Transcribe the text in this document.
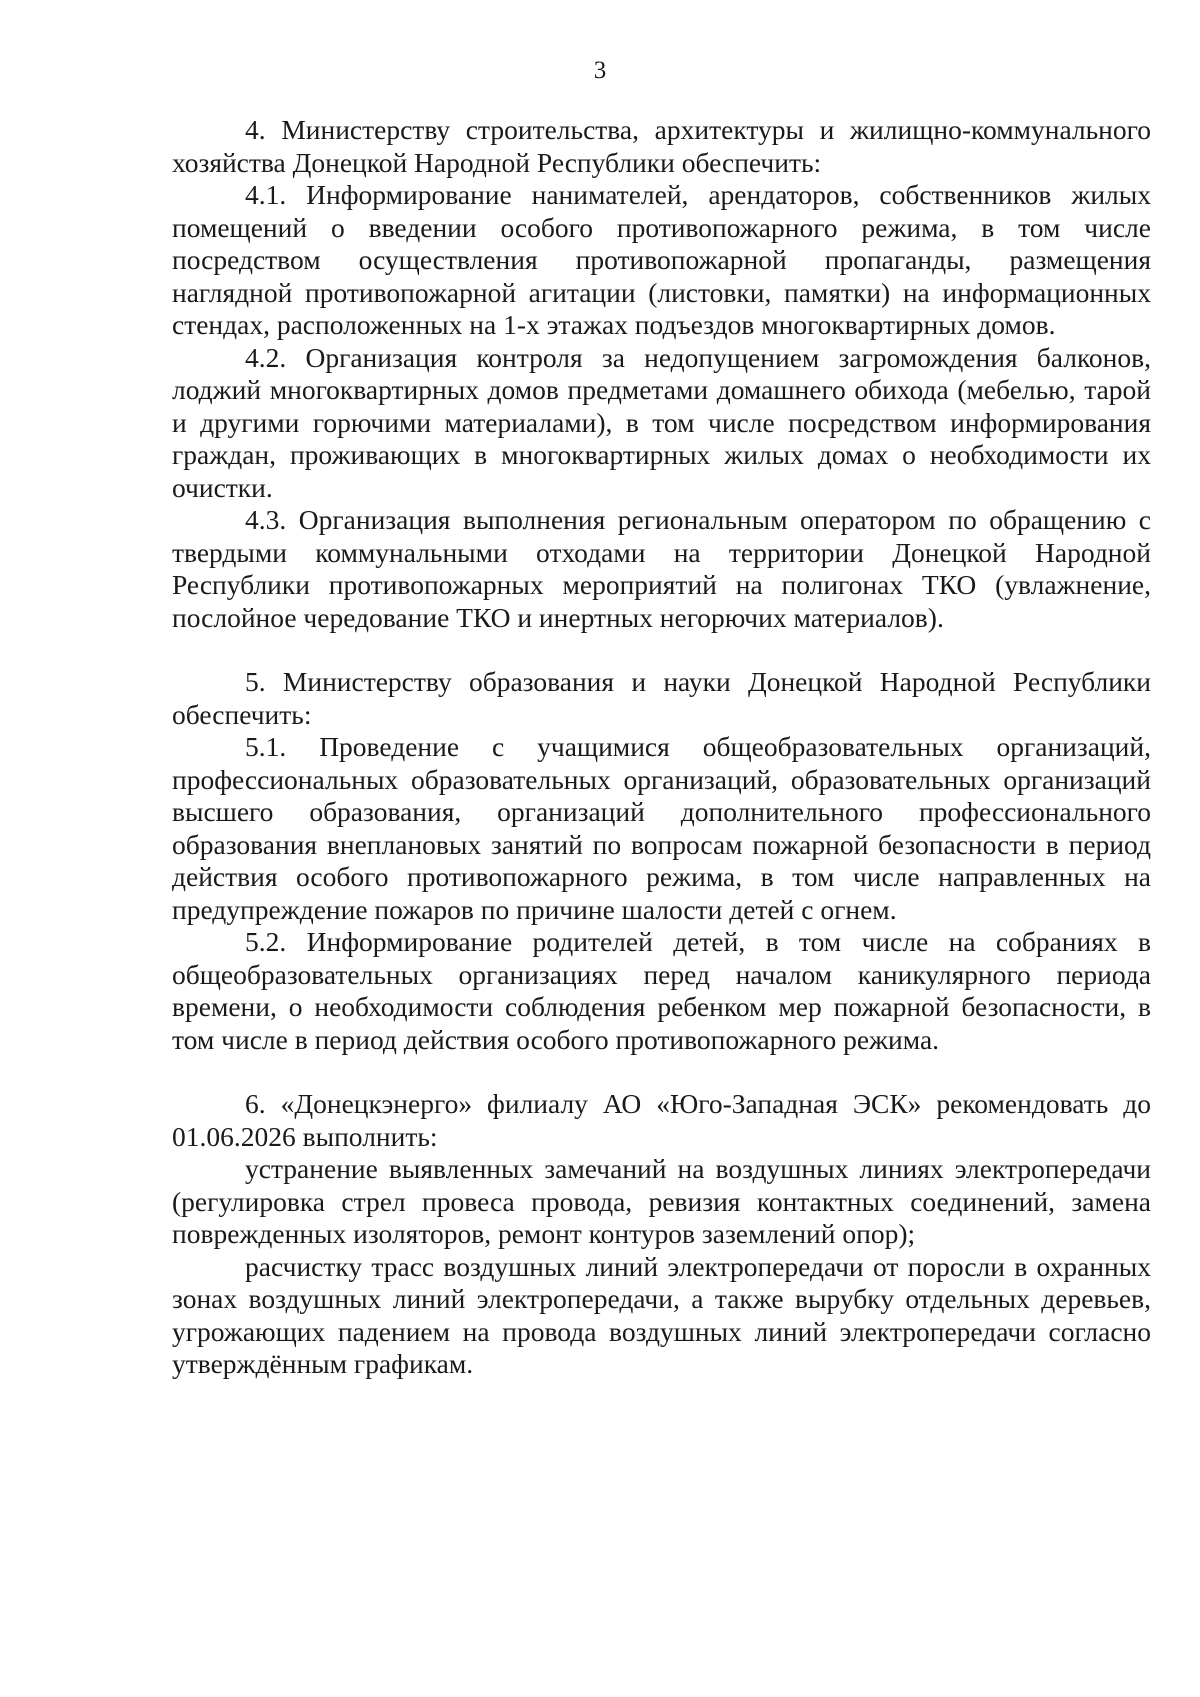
3

4. Министерству строительства, архитектуры и жилищно-коммунального хозяйства Донецкой Народной Республики обеспечить:

4.1. Информирование нанимателей, арендаторов, собственников жилых помещений о введении особого противопожарного режима, в том числе посредством осуществления противопожарной пропаганды, размещения наглядной противопожарной агитации (листовки, памятки) на информационных стендах, расположенных на 1-х этажах подъездов многоквартирных домов.

4.2. Организация контроля за недопущением загромождения балконов, лоджий многоквартирных домов предметами домашнего обихода (мебелью, тарой и другими горючими материалами), в том числе посредством информирования граждан, проживающих в многоквартирных жилых домах о необходимости их очистки.

4.3. Организация выполнения региональным оператором по обращению с твердыми коммунальными отходами на территории Донецкой Народной Республики противопожарных мероприятий на полигонах ТКО (увлажнение, послойное чередование ТКО и инертных негорючих материалов).

5. Министерству образования и науки Донецкой Народной Республики обеспечить:

5.1. Проведение с учащимися общеобразовательных организаций, профессиональных образовательных организаций, образовательных организаций высшего образования, организаций дополнительного профессионального образования внеплановых занятий по вопросам пожарной безопасности в период действия особого противопожарного режима, в том числе направленных на предупреждение пожаров по причине шалости детей с огнем.

5.2. Информирование родителей детей, в том числе на собраниях в общеобразовательных организациях перед началом каникулярного периода времени, о необходимости соблюдения ребенком мер пожарной безопасности, в том числе в период действия особого противопожарного режима.

6. «Донецкэнерго» филиалу АО «Юго-Западная ЭСК» рекомендовать до 01.06.2026 выполнить:

устранение выявленных замечаний на воздушных линиях электропередачи (регулировка стрел провеса провода, ревизия контактных соединений, замена поврежденных изоляторов, ремонт контуров заземлений опор);

расчистку трасс воздушных линий электропередачи от поросли в охранных зонах воздушных линий электропередачи, а также вырубку отдельных деревьев, угрожающих падением на провода воздушных линий электропередачи согласно утверждённым графикам.
